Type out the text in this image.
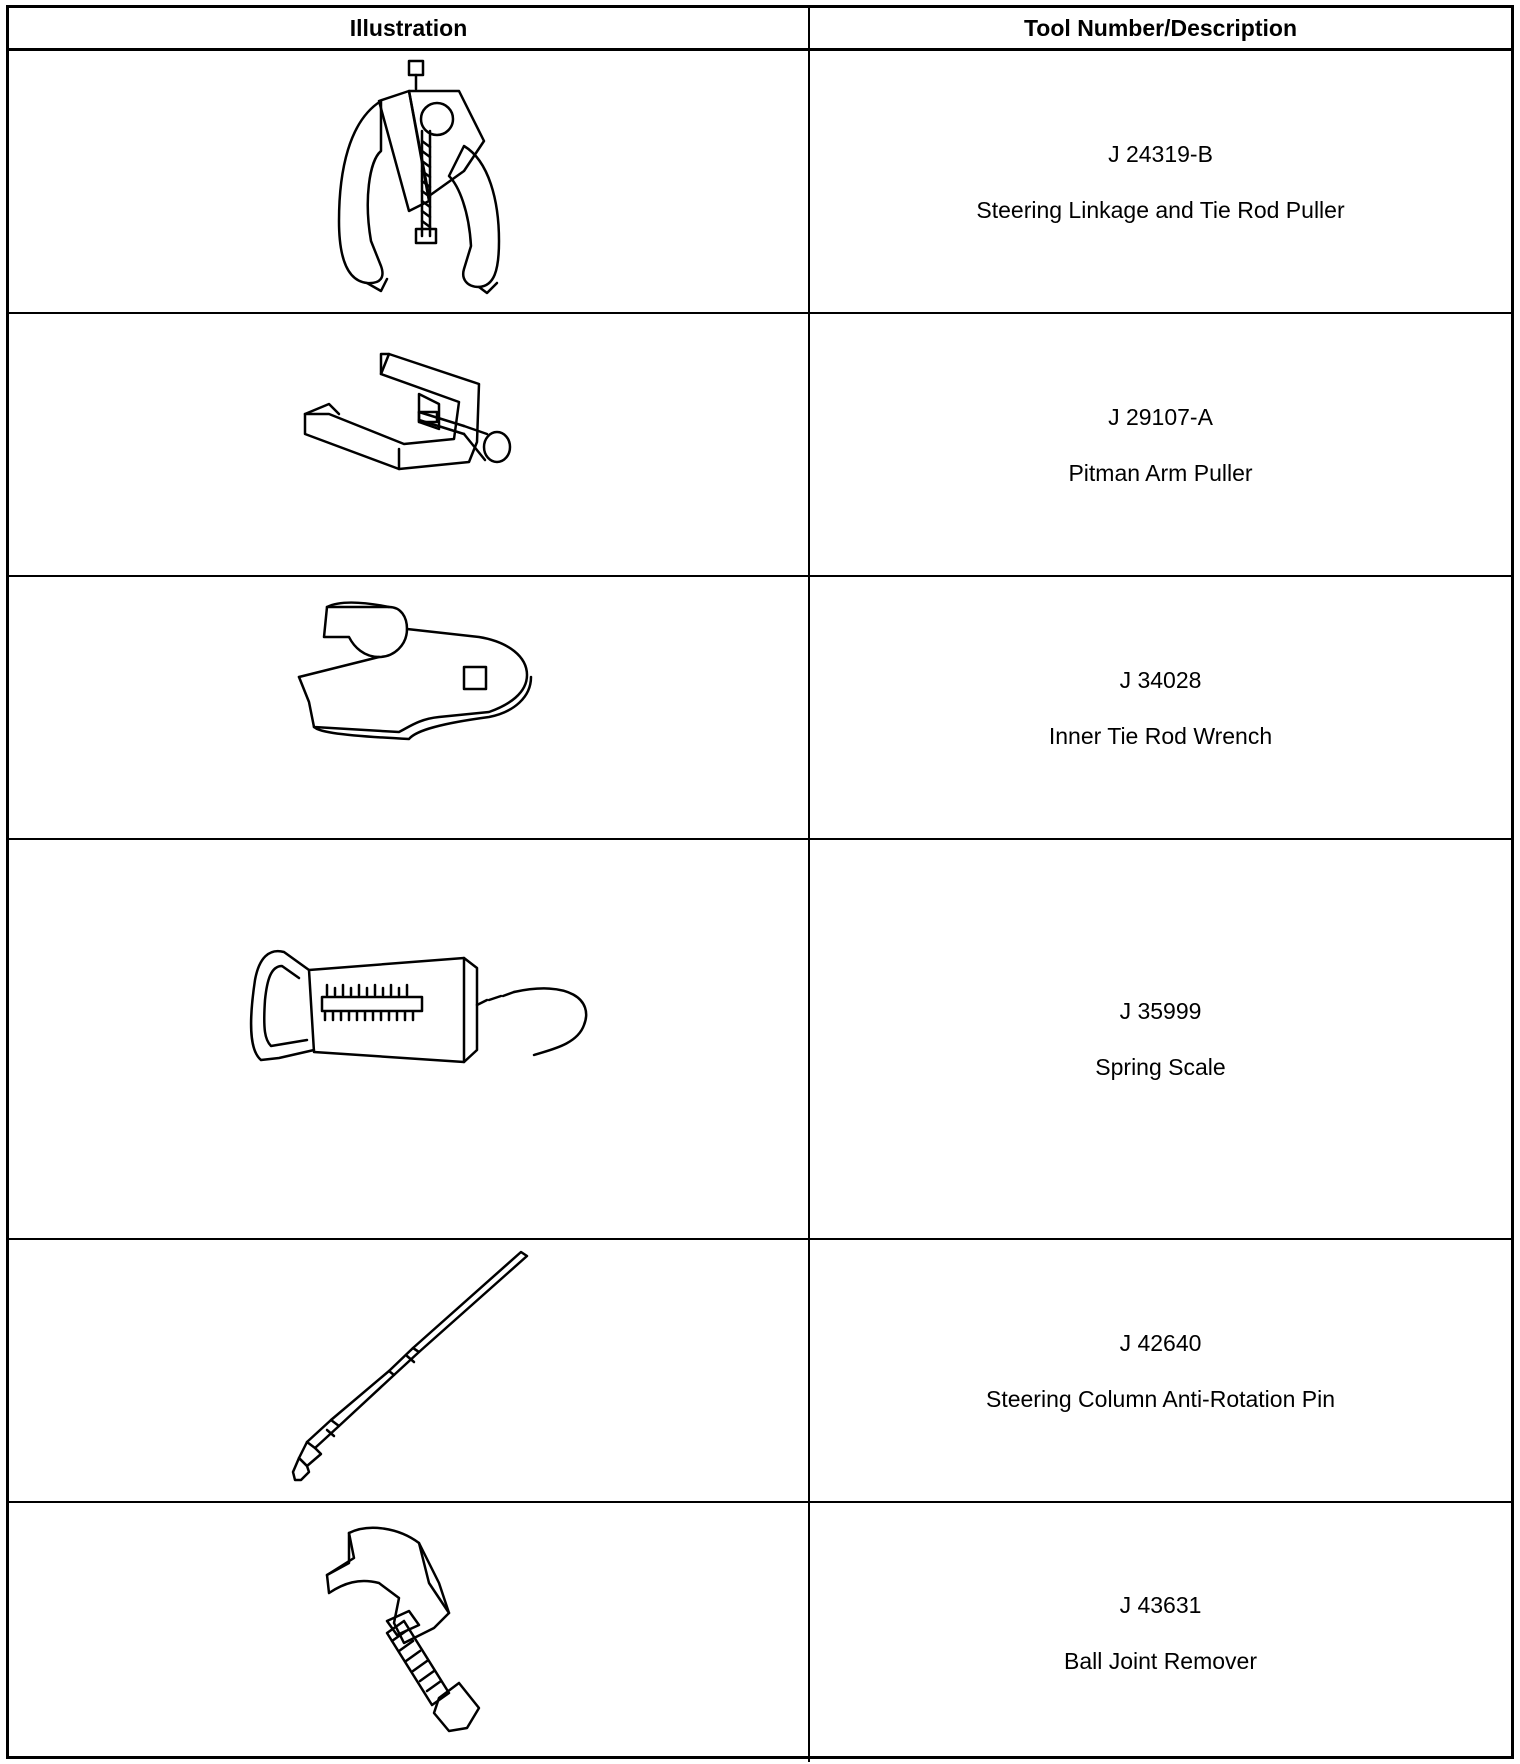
Illustration	Tool Number/Description
J 24319-B
Steering Linkage and Tie Rod Puller
J 29107-A
Pitman Arm Puller
J 34028
Inner Tie Rod Wrench
J 35999
Spring Scale
J 42640
Steering Column Anti-Rotation Pin
J 43631
Ball Joint Remover
